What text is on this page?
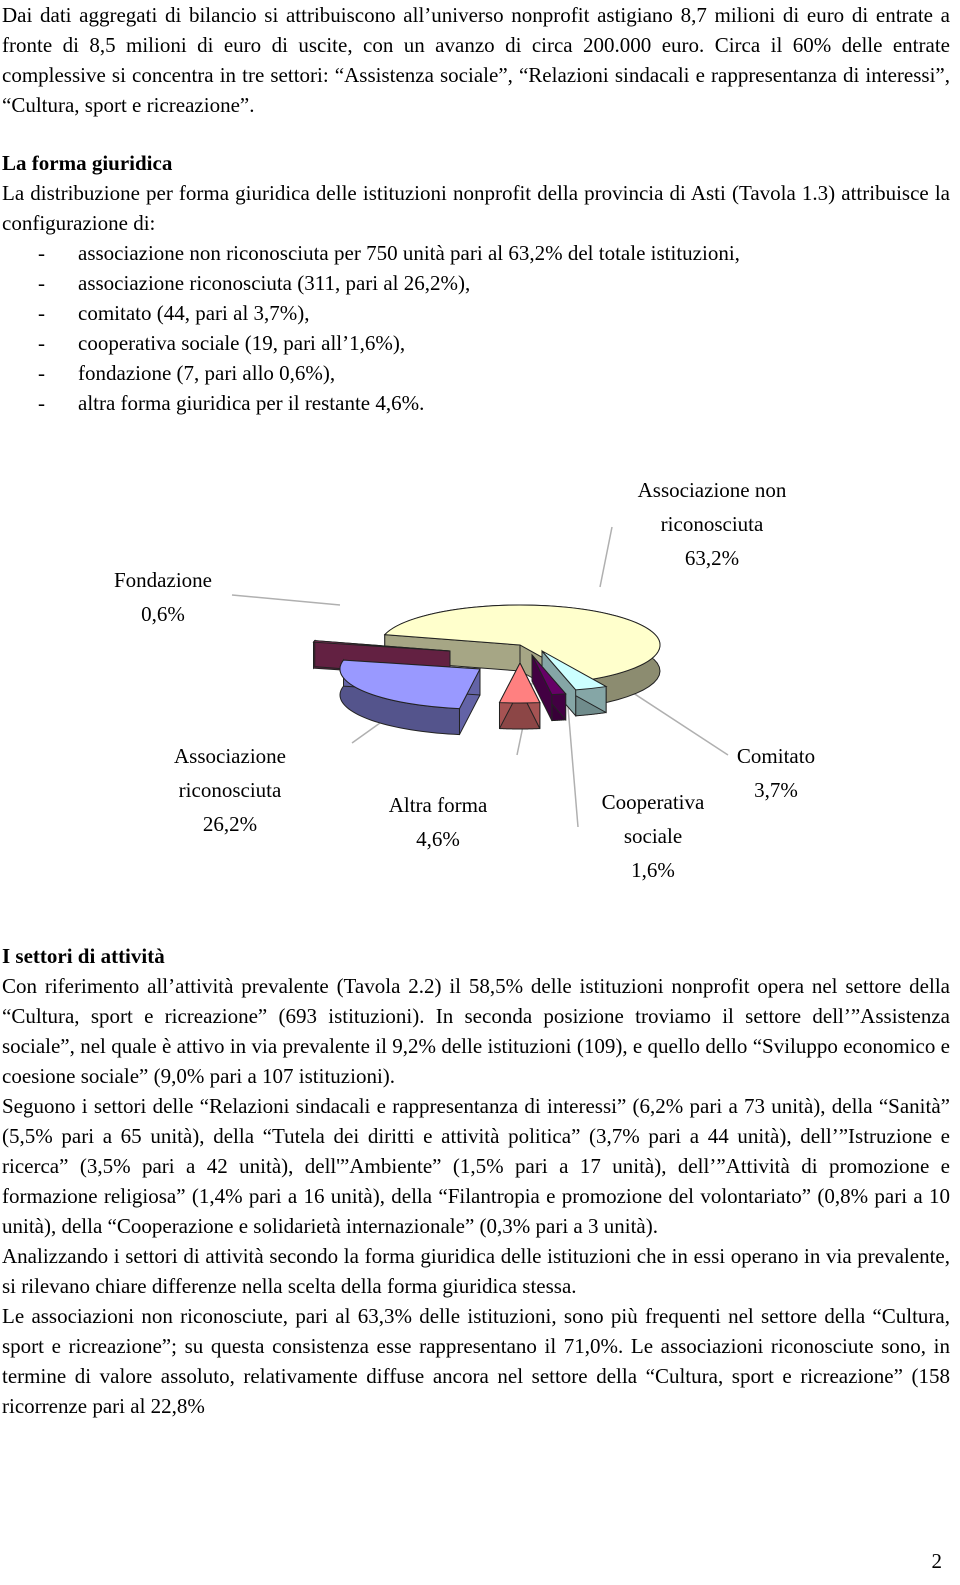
Dai dati aggregati di bilancio si attribuiscono all’universo nonprofit astigiano 8,7 milioni di euro di entrate a fronte di 8,5 milioni di euro di uscite, con un avanzo di circa 200.000 euro. Circa il 60% delle entrate complessive si concentra in tre settori: “Assistenza sociale”, “Relazioni sindacali e rappresentanza di interessi”, “Cultura, sport e ricreazione”.

La forma giuridica

La distribuzione per forma giuridica delle istituzioni nonprofit della provincia di Asti (Tavola 1.3) attribuisce la configurazione di:

- associazione non riconosciuta per 750 unità pari al 63,2% del totale istituzioni,
- associazione riconosciuta (311, pari al 26,2%),
- comitato (44, pari al 3,7%),
- cooperativa sociale (19, pari all’1,6%),
- fondazione (7, pari allo 0,6%),
- altra forma giuridica per il restante 4,6%.
Associazione non
riconosciuta
63,2%
Comitato
3,7%
Cooperativa
sociale
1,6%
Altra forma
4,6%
Associazione
riconosciuta
26,2%
Fondazione
0,6%

I settori di attività

Con riferimento all’attività prevalente (Tavola 2.2) il 58,5% delle istituzioni nonprofit opera nel settore della “Cultura, sport e ricreazione” (693 istituzioni). In seconda posizione troviamo il settore dell’”Assistenza sociale”, nel quale è attivo in via prevalente il 9,2% delle istituzioni (109), e quello dello “Sviluppo economico e coesione sociale” (9,0% pari a 107 istituzioni).

Seguono i settori delle “Relazioni sindacali e rappresentanza di interessi” (6,2% pari a 73 unità), della “Sanità” (5,5% pari a 65 unità), della “Tutela dei diritti e attività politica” (3,7% pari a 44 unità), dell’”Istruzione e ricerca” (3,5% pari a 42 unità), dell'”Ambiente” (1,5% pari a 17 unità), dell’”Attività di promozione e formazione religiosa” (1,4% pari a 16 unità), della “Filantropia e promozione del volontariato” (0,8% pari a 10 unità), della “Cooperazione e solidarietà internazionale” (0,3% pari a 3 unità).

Analizzando i settori di attività secondo la forma giuridica delle istituzioni che in essi operano in via prevalente, si rilevano chiare differenze nella scelta della forma giuridica stessa.

Le associazioni non riconosciute, pari al 63,3% delle istituzioni, sono più frequenti nel settore della “Cultura, sport e ricreazione”; su questa consistenza esse rappresentano il 71,0%. Le associazioni riconosciute sono, in termine di valore assoluto, relativamente diffuse ancora nel settore della “Cultura, sport e ricreazione” (158 ricorrenze pari al 22,8%

2
